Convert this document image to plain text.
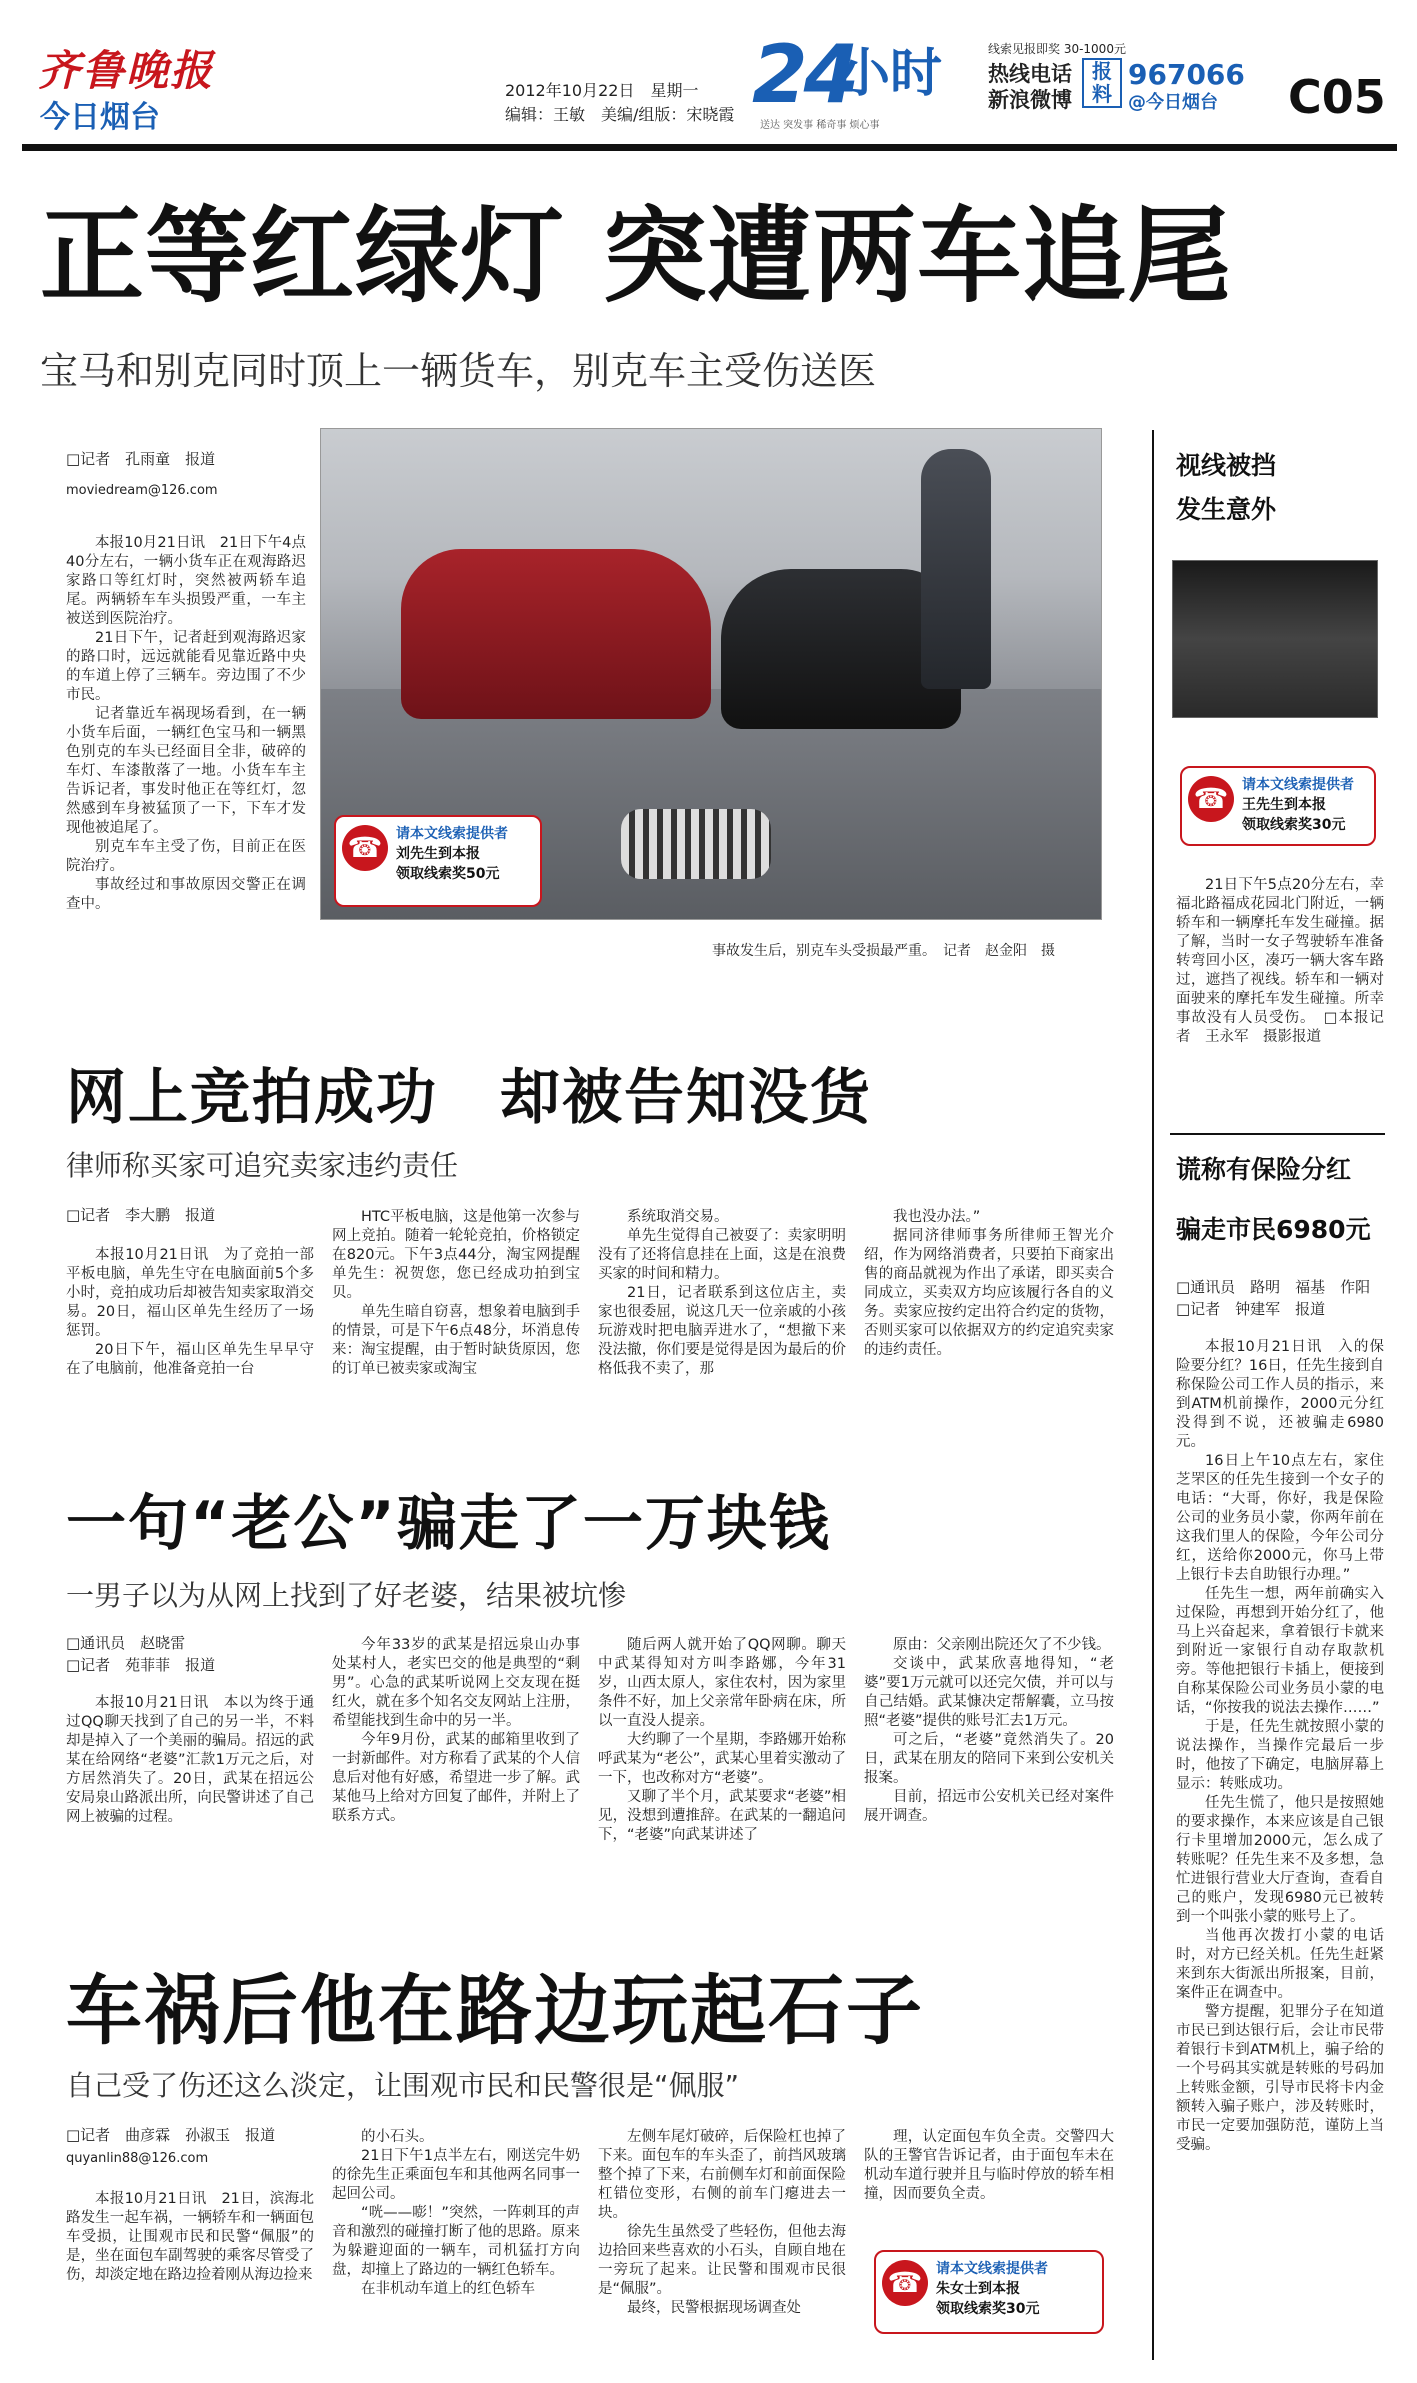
齐鲁晚报
今日烟台
2012年10月22日　星期一
编辑：王敏　美编/组版：宋晓霞 24
小时
送达 突发事 稀奇事 烦心事
线索见报即奖 30-1000元
热线电话
新浪微博
报料
967066
@今日烟台 C05
正等红绿灯 突遭两车追尾
宝马和别克同时顶上一辆货车，别克车主受伤送医
□记者　孔雨童　报道
moviedream@126.com

本报10月21日讯　21日下午4点40分左右，一辆小货车正在观海路迟家路口等红灯时，突然被两轿车追尾。两辆轿车车头损毁严重，一车主被送到医院治疗。

21日下午，记者赶到观海路迟家的路口时，远远就能看见靠近路中央的车道上停了三辆车。旁边围了不少市民。

记者靠近车祸现场看到，在一辆小货车后面，一辆红色宝马和一辆黑色别克的车头已经面目全非，破碎的车灯、车漆散落了一地。小货车车主告诉记者，事发时他正在等红灯，忽然感到车身被猛顶了一下，下车才发现他被追尾了。

别克车车主受了伤，目前正在医院治疗。

事故经过和事故原因交警正在调查中。

☎ 请本文线索提供者
刘先生到本报
领取线索奖50元
事故发生后，别克车头受损最严重。　记者　赵金阳　摄
视线被挡
发生意外
☎ 请本文线索提供者
王先生到本报
领取线索奖30元
21日下午5点20分左右，幸福北路福成花园北门附近，一辆轿车和一辆摩托车发生碰撞。据了解，当时一女子驾驶轿车准备转弯回小区，凑巧一辆大客车路过，遮挡了视线。轿车和一辆对面驶来的摩托车发生碰撞。所幸事故没有人员受伤。　□本报记者　王永军　摄影报道
谎称有保险分红
骗走市民6980元
□通讯员　路明　福基　作阳
□记者　钟建军　报道

本报10月21日讯　入的保险要分红？16日，任先生接到自称保险公司工作人员的指示，来到ATM机前操作，2000元分红没得到不说，还被骗走6980元。

16日上午10点左右，家住芝罘区的任先生接到一个女子的电话：“大哥，你好，我是保险公司的业务员小蒙，你两年前在这我们里人的保险，今年公司分红，送给你2000元，你马上带上银行卡去自助银行办理。”

任先生一想，两年前确实入过保险，再想到开始分红了，他马上兴奋起来，拿着银行卡就来到附近一家银行自动存取款机旁。等他把银行卡插上，便接到自称某保险公司业务员小蒙的电话，“你按我的说法去操作……”

于是，任先生就按照小蒙的说法操作，当操作完最后一步时，他按了下确定，电脑屏幕上显示：转账成功。

任先生慌了，他只是按照她的要求操作，本来应该是自己银行卡里增加2000元，怎么成了转账呢？任先生来不及多想，急忙进银行营业大厅查询，查看自己的账户，发现6980元已被转到一个叫张小蒙的账号上了。

当他再次拨打小蒙的电话时，对方已经关机。任先生赶紧来到东大街派出所报案，目前，案件正在调查中。

警方提醒，犯罪分子在知道市民已到达银行后，会让市民带着银行卡到ATM机上，骗子给的一个号码其实就是转账的号码加上转账金额，引导市民将卡内金额转入骗子账户，涉及转账时，市民一定要加强防范，谨防上当受骗。

网上竞拍成功　却被告知没货
律师称买家可追究卖家违约责任
□记者　李大鹏　报道

本报10月21日讯　为了竞拍一部平板电脑，单先生守在电脑面前5个多小时，竞拍成功后却被告知卖家取消交易。20日，福山区单先生经历了一场惩罚。

20日下午，福山区单先生早早守在了电脑前，他准备竞拍一台

HTC平板电脑，这是他第一次参与网上竞拍。随着一轮轮竞拍，价格锁定在820元。下午3点44分，淘宝网提醒单先生：祝贺您，您已经成功拍到宝贝。

单先生暗自窃喜，想象着电脑到手的情景，可是下午6点48分，坏消息传来：淘宝提醒，由于暂时缺货原因，您的订单已被卖家或淘宝

系统取消交易。

单先生觉得自己被耍了：卖家明明没有了还将信息挂在上面，这是在浪费买家的时间和精力。

21日，记者联系到这位店主，卖家也很委屈，说这几天一位亲戚的小孩玩游戏时把电脑弄进水了，“想撤下来没法撤，你们要是觉得是因为最后的价格低我不卖了，那

我也没办法。”

据同济律师事务所律师王智光介绍，作为网络消费者，只要拍下商家出售的商品就视为作出了承诺，即买卖合同成立，买卖双方均应该履行各自的义务。卖家应按约定出符合约定的货物，否则买家可以依据双方的约定追究卖家的违约责任。

一句“老公”骗走了一万块钱
一男子以为从网上找到了好老婆，结果被坑惨
□通讯员　赵晓雷
□记者　苑菲菲　报道

本报10月21日讯　本以为终于通过QQ聊天找到了自己的另一半，不料却是掉入了一个美丽的骗局。招远的武某在给网络“老婆”汇款1万元之后，对方居然消失了。20日，武某在招远公安局泉山路派出所，向民警讲述了自己网上被骗的过程。

今年33岁的武某是招远泉山办事处某村人，老实巴交的他是典型的“剩男”。心急的武某听说网上交友现在挺红火，就在多个知名交友网站上注册，希望能找到生命中的另一半。

今年9月份，武某的邮箱里收到了一封新邮件。对方称看了武某的个人信息后对他有好感，希望进一步了解。武某他马上给对方回复了邮件，并附上了联系方式。

随后两人就开始了QQ网聊。聊天中武某得知对方叫李路娜，今年31岁，山西太原人，家住农村，因为家里条件不好，加上父亲常年卧病在床，所以一直没人提亲。

大约聊了一个星期，李路娜开始称呼武某为“老公”，武某心里着实激动了一下，也改称对方“老婆”。

又聊了半个月，武某要求“老婆”相见，没想到遭推辞。在武某的一翻追问下，“老婆”向武某讲述了

原由：父亲刚出院还欠了不少钱。

交谈中，武某欣喜地得知，“老婆”要1万元就可以还完欠债，并可以与自己结婚。武某慷决定帮解囊，立马按照“老婆”提供的账号汇去1万元。

可之后，“老婆”竟然消失了。20日，武某在朋友的陪同下来到公安机关报案。

目前，招远市公安机关已经对案件展开调查。

车祸后他在路边玩起石子
自己受了伤还这么淡定，让围观市民和民警很是“佩服”
□记者　曲彦霖　孙淑玉　报道
quyanlin88@126.com

本报10月21日讯　21日，滨海北路发生一起车祸，一辆轿车和一辆面包车受损，让围观市民和民警“佩服”的是，坐在面包车副驾驶的乘客尽管受了伤，却淡定地在路边捡着刚从海边捡来

的小石头。

21日下午1点半左右，刚送完牛奶的徐先生正乘面包车和其他两名同事一起回公司。

“咣——嘭！”突然，一阵刺耳的声音和激烈的碰撞打断了他的思路。原来为躲避迎面的一辆车，司机猛打方向盘，却撞上了路边的一辆红色轿车。

在非机动车道上的红色轿车

左侧车尾灯破碎，后保险杠也掉了下来。面包车的车头歪了，前挡风玻璃整个掉了下来，右前侧车灯和前面保险杠错位变形，右侧的前车门瘪进去一块。

徐先生虽然受了些轻伤，但他去海边拾回来些喜欢的小石头，自顾自地在一旁玩了起来。让民警和围观市民很是“佩服”。

最终，民警根据现场调查处

理，认定面包车负全责。交警四大队的王警官告诉记者，由于面包车未在机动车道行驶并且与临时停放的轿车相撞，因而要负全责。

☎ 请本文线索提供者
朱女士到本报
领取线索奖30元
